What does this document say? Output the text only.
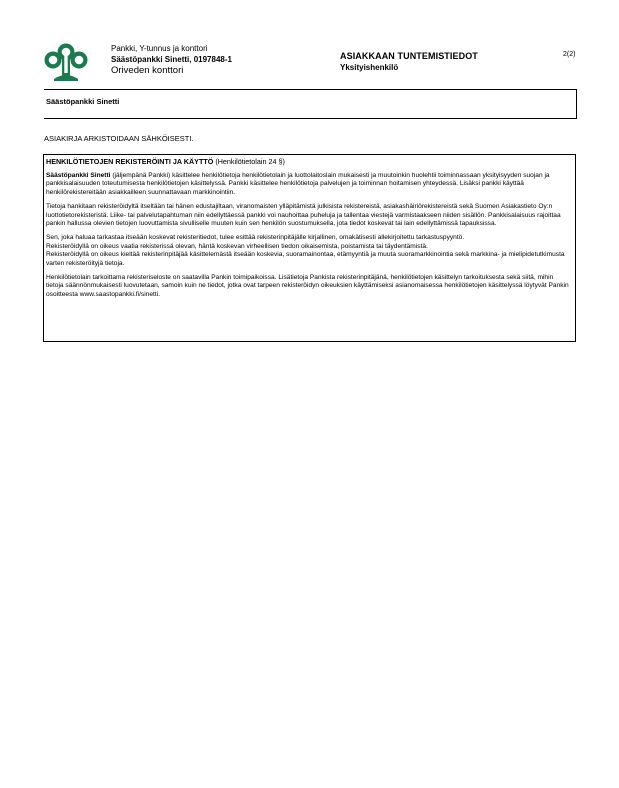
Pankki, Y-tunnus ja konttori
Säästöpankki Sinetti, 0197848-1
Oriveden konttori
ASIAKKAAN TUNTEMISTIEDOT
Yksityishenkilö
2(2)
Säästöpankki Sinetti
ASIAKIRJA ARKISTOIDAAN SÄHKÖISESTI.

HENKILÖTIETOJEN REKISTERÖINTI JA KÄYTTÖ (Henkilötietolain 24 §)

Säästöpankki Sinetti (jäljempänä Pankki) käsittelee henkilötietoja henkilötietolain ja luottolaitoslain mukaisesti ja muutoinkin huolehtii toiminnassaan yksityisyyden suojan ja pankkisalaisuuden toteutumisesta henkilötietojen käsittelyssä. Pankki käsittelee henkilötietoja palvelujen ja toiminnan hoitamisen yhteydessä. Lisäksi pankki käyttää henkilörekistereitään asiakkailleen suunnattavaan markkinointiin.

Tietoja hankitaan rekisteröidyltä itseltään tai hänen edustajiltaan, viranomaisten ylläpitämistä julkisista rekistereistä, asiakashäiriörekistereistä sekä Suomen Asiakastieto Oy:n luottotietorekisteristä. Liike- tai palvelutapahtuman niin edellyttäessä pankki voi nauhoittaa puheluja ja tallentaa viestejä varmistaakseen niiden sisällön. Pankkisalaisuus rajoittaa pankin hallussa olevien tietojen luovuttamista sivulliselle muuten kuin sen henkilön suostumuksella, jota tiedot koskevat tai lain edellyttämissä tapauksissa.

Sen, joka haluaa tarkastaa itseään koskevat rekisteritiedot, tulee esittää rekisterinpitäjälle kirjallinen, omakätisesti allekirjoitettu tarkastuspyyntö.
Rekisteröidyllä on oikeus vaatia rekisterissä olevan, häntä koskevan virheellisen tiedon oikaisemista, poistamista tai täydentämistä.
Rekisteröidyllä on oikeus kieltää rekisterinpitäjää käsittelemästä itseään koskevia, suoramainontaa, etämyyntiä ja muuta suoramarkkinointia sekä markkina- ja mielipidetutkimusta varten rekisteröityjä tietoja.

Henkilötietolain tarkoittama rekisteriseloste on saatavilla Pankin toimipaikoissa. Lisätietoja Pankista rekisterinpitäjänä, henkilötietojen käsittelyn tarkoituksesta sekä siitä, mihin tietoja säännönmukaisesti luovutetaan, samoin kuin ne tiedot, jotka ovat tarpeen rekisteröidyn oikeuksien käyttämiseksi asianomaisessa henkilötietojen käsittelyssä löytyvät Pankin osoitteesta www.saastopankki.fi/sinetti.
